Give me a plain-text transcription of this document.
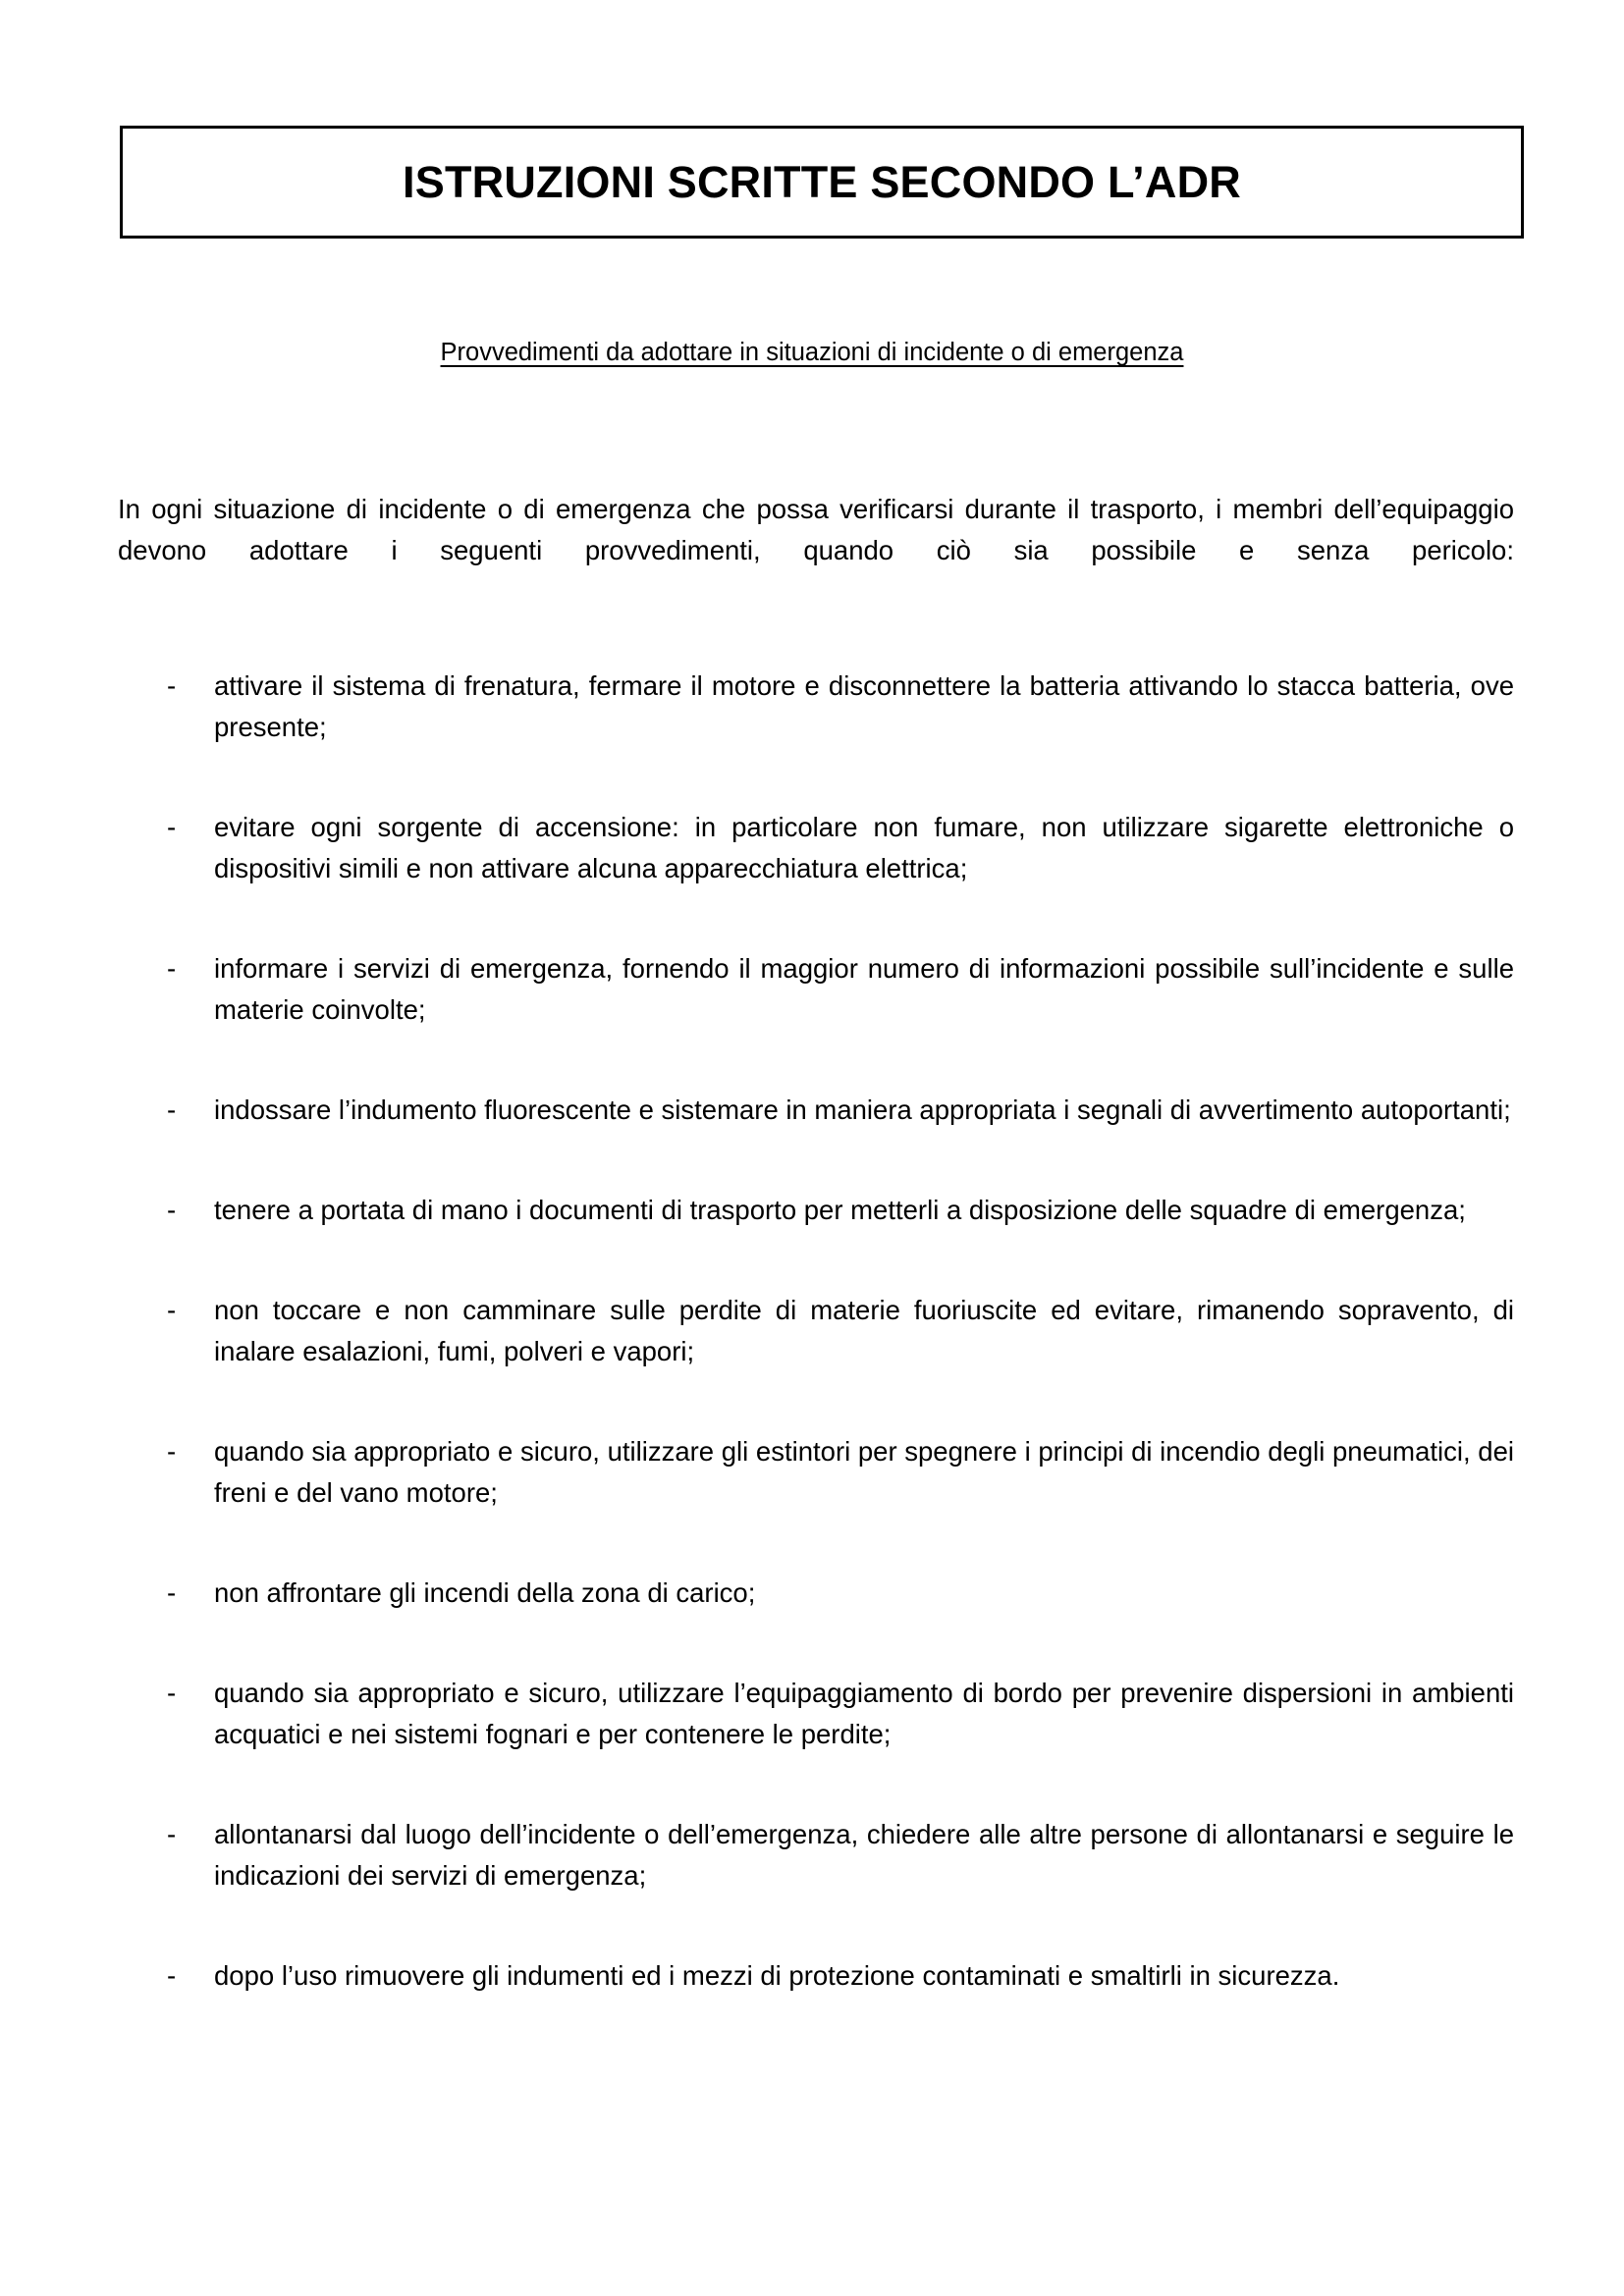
ISTRUZIONI SCRITTE SECONDO L’ADR
Provvedimenti da adottare in situazioni di incidente o di emergenza

In ogni situazione di incidente o di emergenza che possa verificarsi durante il trasporto, i membri dell’equipaggio devono adottare i seguenti provvedimenti, quando ciò sia possibile e senza pericolo:

-	attivare il sistema di frenatura, fermare il motore e disconnettere la batteria attivando lo stacca batteria, ove presente;
-	evitare ogni sorgente di accensione: in particolare non fumare, non utilizzare sigarette elettroniche o dispositivi simili e non attivare alcuna apparecchiatura elettrica;
-	informare i servizi di emergenza, fornendo il maggior numero di informazioni possibile sull’incidente e sulle materie coinvolte;
-	indossare l’indumento fluorescente e sistemare in maniera appropriata i segnali di avvertimento autoportanti;
-	tenere a portata di mano i documenti di trasporto per metterli a disposizione delle squadre di emergenza;
-	non toccare e non camminare sulle perdite di materie fuoriuscite ed evitare, rimanendo sopravento, di inalare esalazioni, fumi, polveri e vapori;
-	quando sia appropriato e sicuro, utilizzare gli estintori per spegnere i principi di incendio degli pneumatici, dei freni e del vano motore;
-	non affrontare gli incendi della zona di carico;
-	quando sia appropriato e sicuro, utilizzare l’equipaggiamento di bordo per prevenire dispersioni in ambienti acquatici e nei sistemi fognari e per contenere le perdite;
-	allontanarsi dal luogo dell’incidente o dell’emergenza, chiedere alle altre persone di allontanarsi e seguire le indicazioni dei servizi di emergenza;
-	dopo l’uso rimuovere gli indumenti ed i mezzi di protezione contaminati e smaltirli in sicurezza.
